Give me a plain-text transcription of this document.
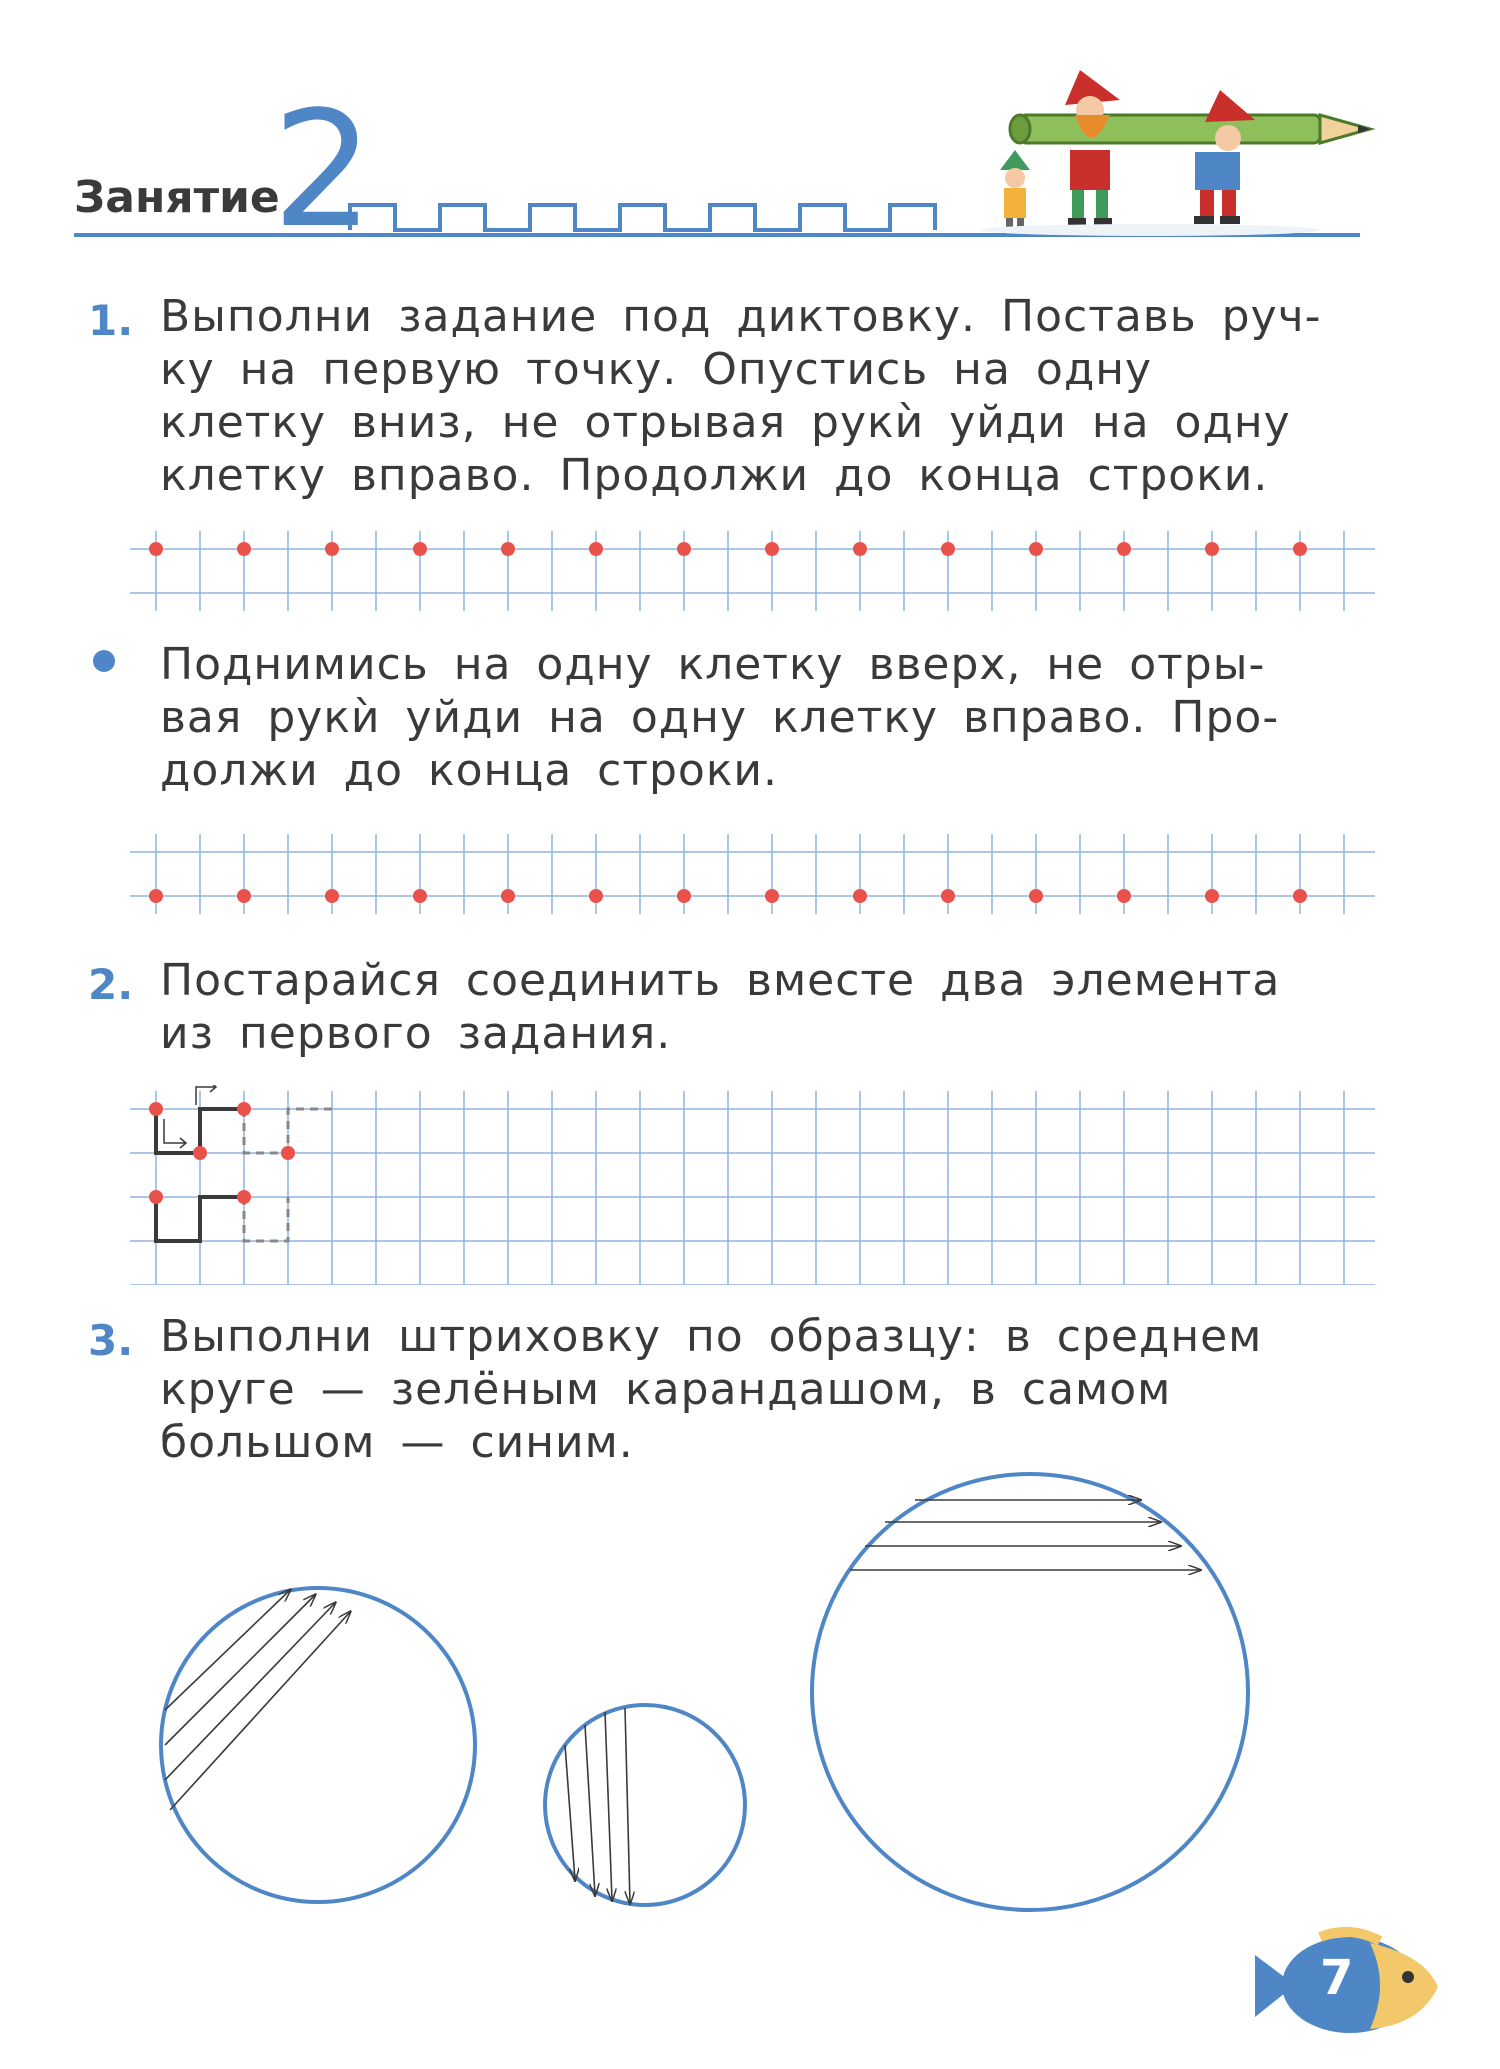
Занятие
2
1. Выполни задание под диктовку. Поставь руч-
ку на первую точку. Опустись на одну
клетку вниз, не отрывая рукѝ уйди на одну
клетку вправо. Продолжи до конца строки.
Поднимись на одну клетку вверх, не отры-
вая рукѝ уйди на одну клетку вправо. Про-
должи до конца строки.
2. Постарайся соединить вместе два элемента
из первого задания.
3. Выполни штриховку по образцу: в среднем
круге — зелёным карандашом, в самом
большом — синим.
7
